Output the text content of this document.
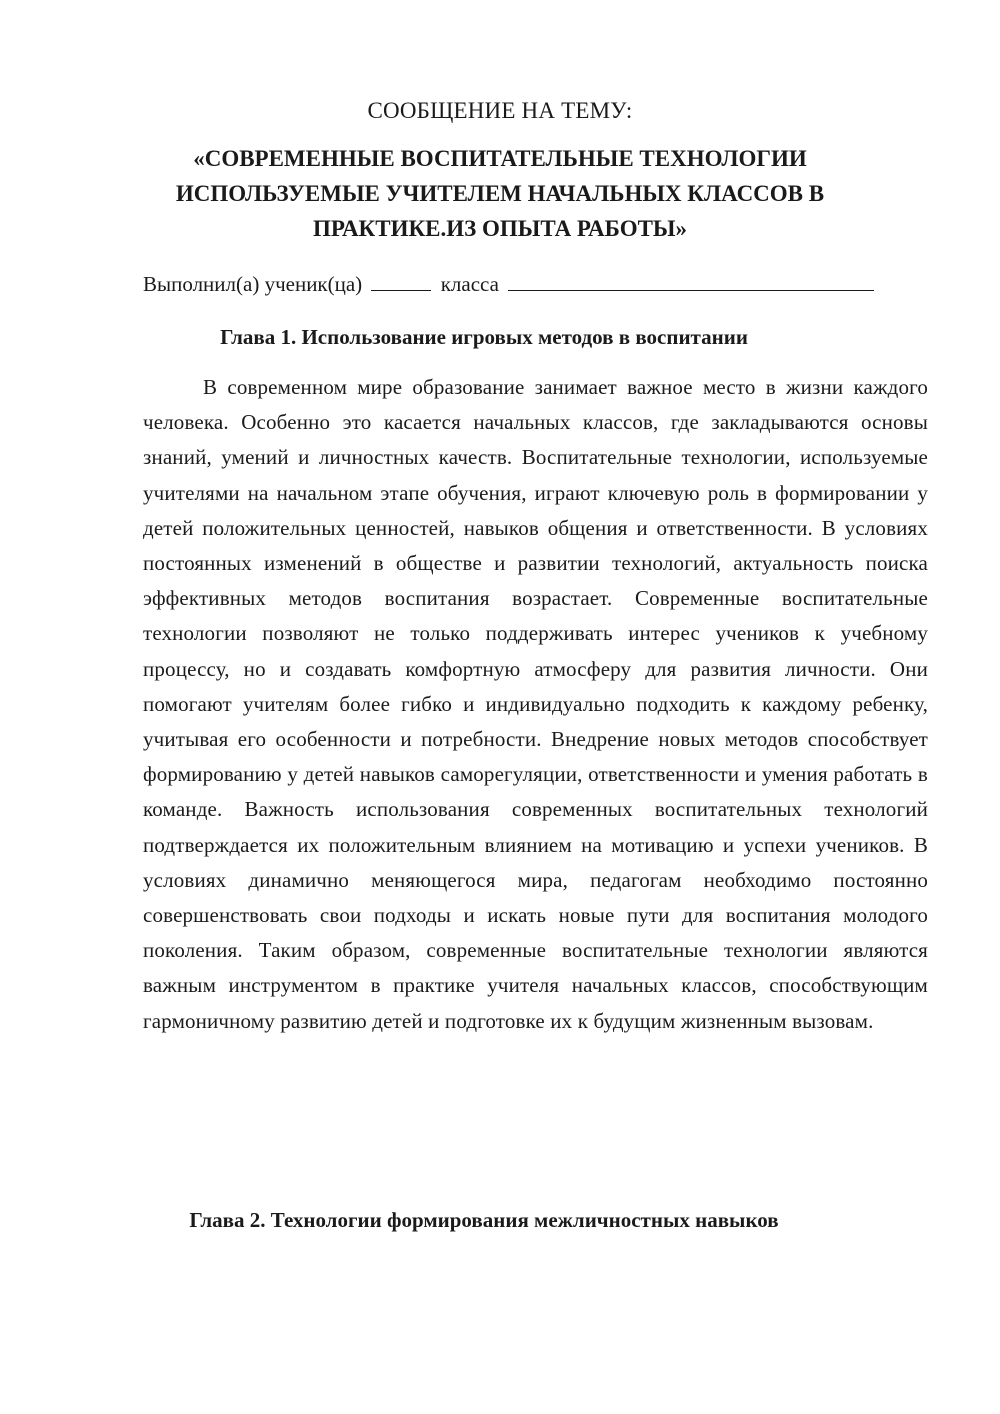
СООБЩЕНИЕ НА ТЕМУ:
«СОВРЕМЕННЫЕ ВОСПИТАТЕЛЬНЫЕ ТЕХНОЛОГИИ
ИСПОЛЬЗУЕМЫЕ УЧИТЕЛЕМ НАЧАЛЬНЫХ КЛАССОВ В
ПРАКТИКЕ.ИЗ ОПЫТА РАБОТЫ»
Выполнил(а) ученик(ца)	класса
Глава 1. Использование игровых методов в воспитании

В современном мире образование занимает важное место в жизни каждого человека. Особенно это касается начальных классов, где закладываются основы знаний, умений и личностных качеств. Воспитательные технологии, используемые учителями на начальном этапе обучения, играют ключевую роль в формировании у детей положительных ценностей, навыков общения и ответственности. В условиях постоянных изменений в обществе и развитии технологий, актуальность поиска эффективных методов воспитания возрастает. Современные воспитательные технологии позволяют не только поддерживать интерес учеников к учебному процессу, но и создавать комфортную атмосферу для развития личности. Они помогают учителям более гибко и индивидуально подходить к каждому ребенку, учитывая его особенности и потребности. Внедрение новых методов способствует формированию у детей навыков саморегуляции, ответственности и умения работать в команде. Важность использования современных воспитательных технологий подтверждается их положительным влиянием на мотивацию и успехи учеников. В условиях динамично меняющегося мира, педагогам необходимо постоянно совершенствовать свои подходы и искать новые пути для воспитания молодого поколения. Таким образом, современные воспитательные технологии являются важным инструментом в практике учителя начальных классов, способствующим гармоничному развитию детей и подготовке их к будущим жизненным вызовам.

Глава 2. Технологии формирования межличностных навыков
